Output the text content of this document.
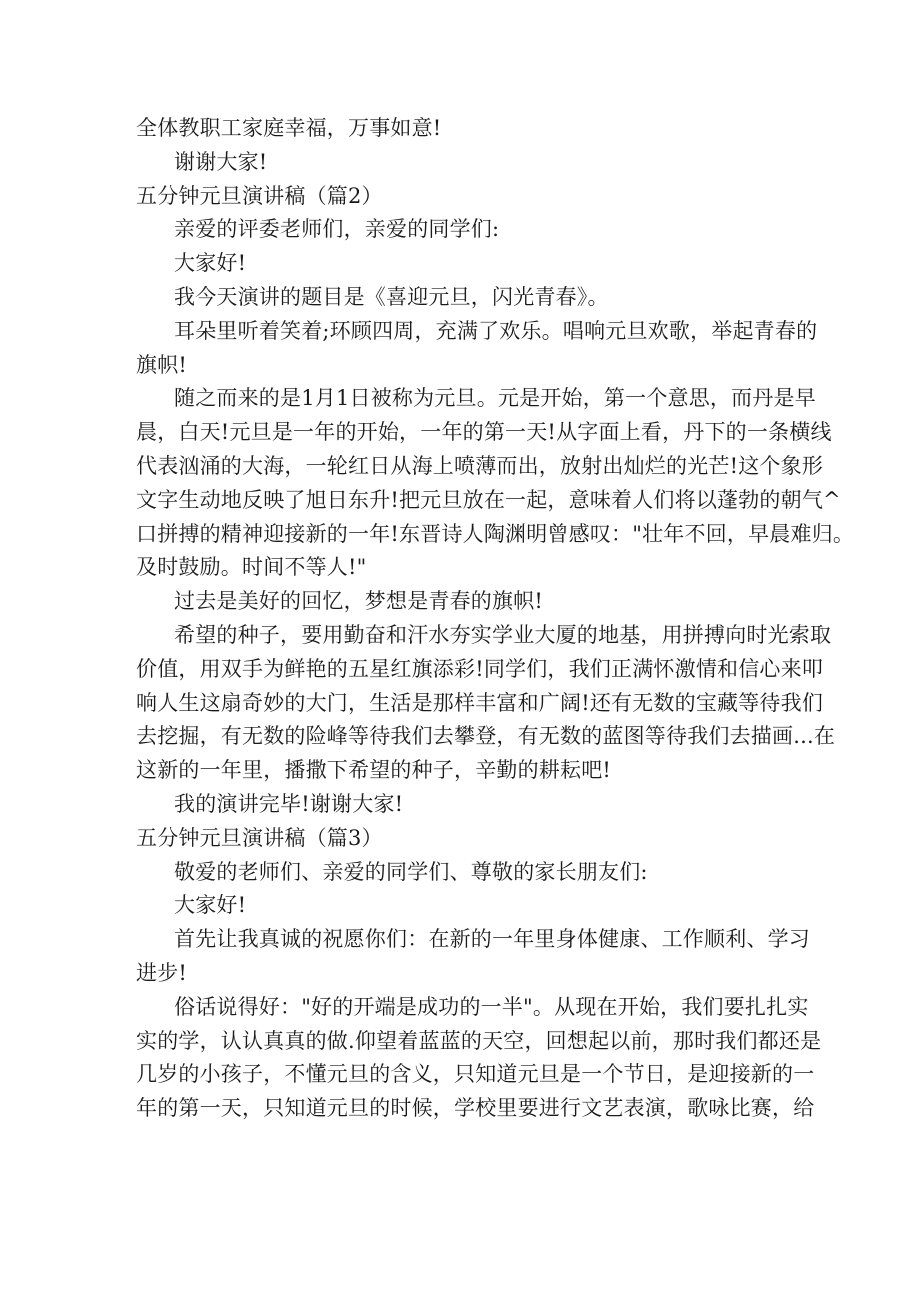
全体教职工家庭幸福，万事如意!
谢谢大家!
五分钟元旦演讲稿（篇2）
亲爱的评委老师们，亲爱的同学们:
大家好!
我今天演讲的题目是《喜迎元旦，闪光青春》。
耳朵里听着笑着;环顾四周，充满了欢乐。唱响元旦欢歌，举起青春的
旗帜!
随之而来的是1月1日被称为元旦。元是开始，第一个意思，而丹是早
晨，白天!元旦是一年的开始，一年的第一天!从字面上看，丹下的一条横线
代表汹涌的大海，一轮红日从海上喷薄而出，放射出灿烂的光芒!这个象形
文字生动地反映了旭日东升!把元旦放在一起，意味着人们将以蓬勃的朝气^
口拼搏的精神迎接新的一年!东晋诗人陶渊明曾感叹："壮年不回，早晨难归。
及时鼓励。时间不等人!"
过去是美好的回忆，梦想是青春的旗帜!
希望的种子，要用勤奋和汗水夯实学业大厦的地基，用拼搏向时光索取
价值，用双手为鲜艳的五星红旗添彩!同学们，我们正满怀激情和信心来叩
响人生这扇奇妙的大门，生活是那样丰富和广阔!还有无数的宝藏等待我们
去挖掘，有无数的险峰等待我们去攀登，有无数的蓝图等待我们去描画...在
这新的一年里，播撒下希望的种子，辛勤的耕耘吧!
我的演讲完毕!谢谢大家!
五分钟元旦演讲稿（篇3）
敬爱的老师们、亲爱的同学们、尊敬的家长朋友们:
大家好!
首先让我真诚的祝愿你们：在新的一年里身体健康、工作顺利、学习
进步!
俗话说得好："好的开端是成功的一半"。从现在开始，我们要扎扎实
实的学，认认真真的做.仰望着蓝蓝的天空，回想起以前，那时我们都还是
几岁的小孩子，不懂元旦的含义，只知道元旦是一个节日，是迎接新的一
年的第一天，只知道元旦的时候，学校里要进行文艺表演，歌咏比赛，给
